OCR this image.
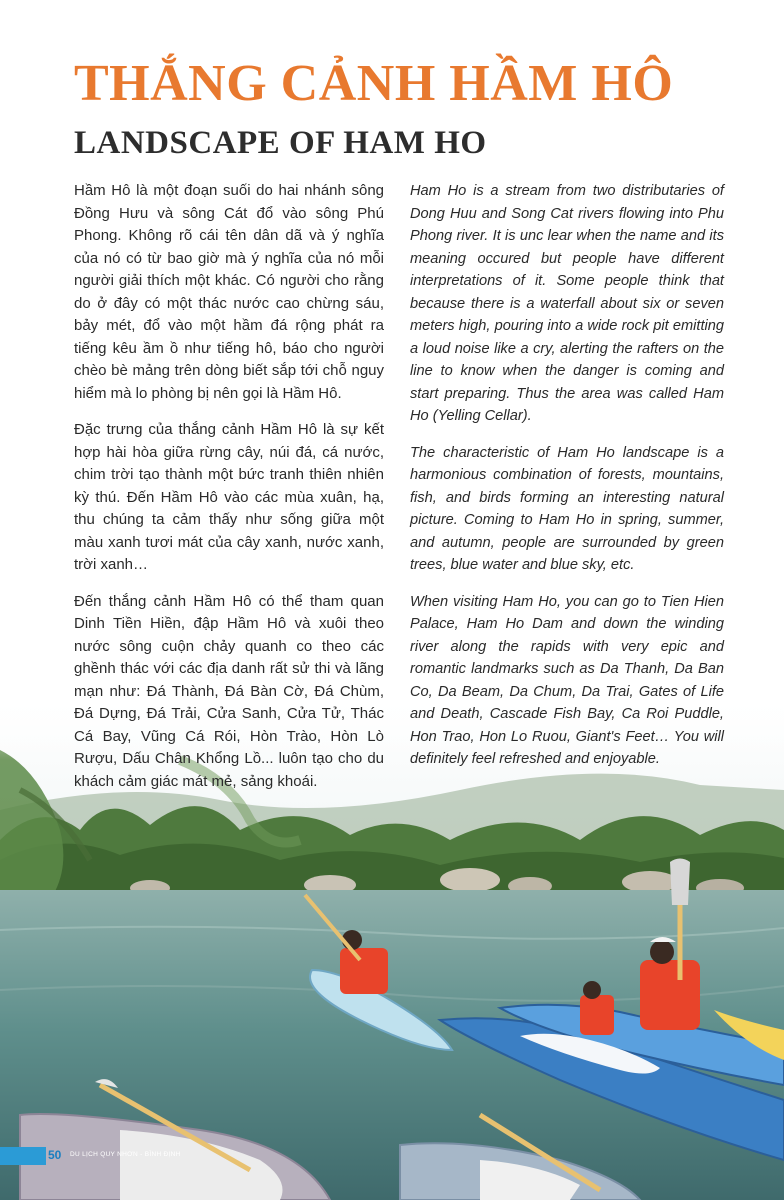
THẮNG CẢNH HẦM HÔ
LANDSCAPE OF HAM HO

Hầm Hô là một đoạn suối do hai nhánh sông Đồng Hưu và sông Cát đổ vào sông Phú Phong. Không rõ cái tên dân dã và ý nghĩa của nó có từ bao giờ mà ý nghĩa của nó mỗi người giải thích một khác. Có người cho rằng do ở đây có một thác nước cao chừng sáu, bảy mét, đổ vào một hầm đá rộng phát ra tiếng kêu ầm ồ như tiếng hô, báo cho người chèo bè mảng trên dòng biết sắp tới chỗ nguy hiểm mà lo phòng bị nên gọi là Hầm Hô.

Đặc trưng của thắng cảnh Hầm Hô là sự kết hợp hài hòa giữa rừng cây, núi đá, cá nước, chim trời tạo thành một bức tranh thiên nhiên kỳ thú. Đến Hầm Hô vào các mùa xuân, hạ, thu chúng ta cảm thấy như sống giữa một màu xanh tươi mát của cây xanh, nước xanh, trời xanh…

Đến thắng cảnh Hầm Hô có thể tham quan Dinh Tiền Hiền, đập Hầm Hô và xuôi theo nước sông cuộn chảy quanh co theo các ghềnh thác với các địa danh rất sử thi và lãng mạn như: Đá Thành, Đá Bàn Cờ, Đá Chùm, Đá Dựng, Đá Trải, Cửa Sanh, Cửa Tử, Thác Cá Bay, Vũng Cá Rói, Hòn Trào, Hòn Lò Rượu, Dấu Chân Khổng Lồ... luôn tạo cho du khách cảm giác mát mẻ, sảng khoái.

Ham Ho is a stream from two distributaries of Dong Huu and Song Cat rivers flowing into Phu Phong river. It is unc lear when the name and its meaning occured but people have different interpretations of it. Some people think that because there is a waterfall about six or seven meters high, pouring into a wide rock pit emitting a loud noise like a cry, alerting the rafters on the line to know when the danger is coming and start preparing. Thus the area was called Ham Ho (Yelling Cellar).

The characteristic of Ham Ho landscape is a harmonious combination of forests, mountains, fish, and birds forming an interesting natural picture. Coming to Ham Ho in spring, summer, and autumn, people are surrounded by green trees, blue water and blue sky, etc.

When visiting Ham Ho, you can go to Tien Hien Palace, Ham Ho Dam and down the winding river along the rapids with very epic and romantic landmarks such as Da Thanh, Da Ban Co, Da Beam, Da Chum, Da Trai, Gates of Life and Death, Cascade Fish Bay, Ca Roi Puddle, Hon Trao, Hon Lo Ruou, Giant's Feet… You will definitely feel refreshed and enjoyable.

50 DU LỊCH QUY NHƠN - BÌNH ĐỊNH
